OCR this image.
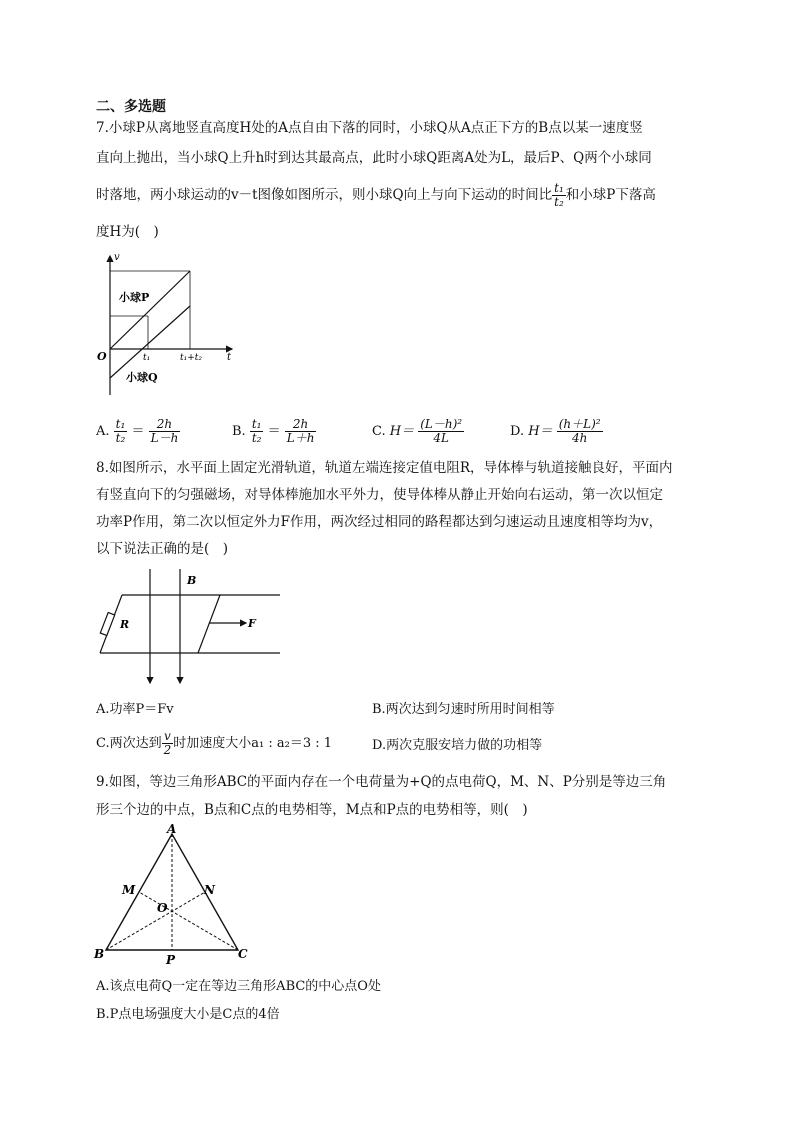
二、多选题
7.小球P从离地竖直高度H处的A点自由下落的同时，小球Q从A点正下方的B点以某一速度竖
直向上抛出，当小球Q上升h时到达其最高点，此时小球Q距离A处为L，最后P、Q两个小球同
时落地，两小球运动的v－t图像如图所示，则小球Q向上与向下运动的时间比 $\frac{\text{t₁}}{\text{t₂}}$ 和小球P下落高
度H为(　)
v
t
O	t₁	t₁+t₂
小球P
小球Q
A. $\frac{\text{t₁}}{\text{t₂}} = \frac{2h}{L-h}$	B. $\frac{\text{t₁}}{\text{t₂}} = \frac{2h}{L+h}$	C. $H= \frac{\text{(L－h)²}}{4L}$	D. $H= \frac{\text{(h＋L)²}}{4h}$
8.如图所示，水平面上固定光滑轨道，轨道左端连接定值电阻R，导体棒与轨道接触良好，平面内
有竖直向下的匀强磁场，对导体棒施加水平外力，使导体棒从静止开始向右运动，第一次以恒定
功率P作用，第二次以恒定外力F作用，两次经过相同的路程都达到匀速运动且速度相等均为v，
以下说法正确的是(　)
B
R	F
A.功率P＝Fv	B.两次达到匀速时所用时间相等
C.两次达到 $\frac{v}{2}$ 时加速度大小a₁ : a₂＝3 : 1	D.两次克服安培力做的功相等
9.如图，等边三角形ABC的平面内存在一个电荷量为+Q的点电荷Q，M、N、P分别是等边三角
形三个边的中点，B点和C点的电势相等，M点和P点的电势相等，则(　)
A
B	C
M	N
O
P
A.该点电荷Q一定在等边三角形ABC的中心点O处
B.P点电场强度大小是C点的4倍
